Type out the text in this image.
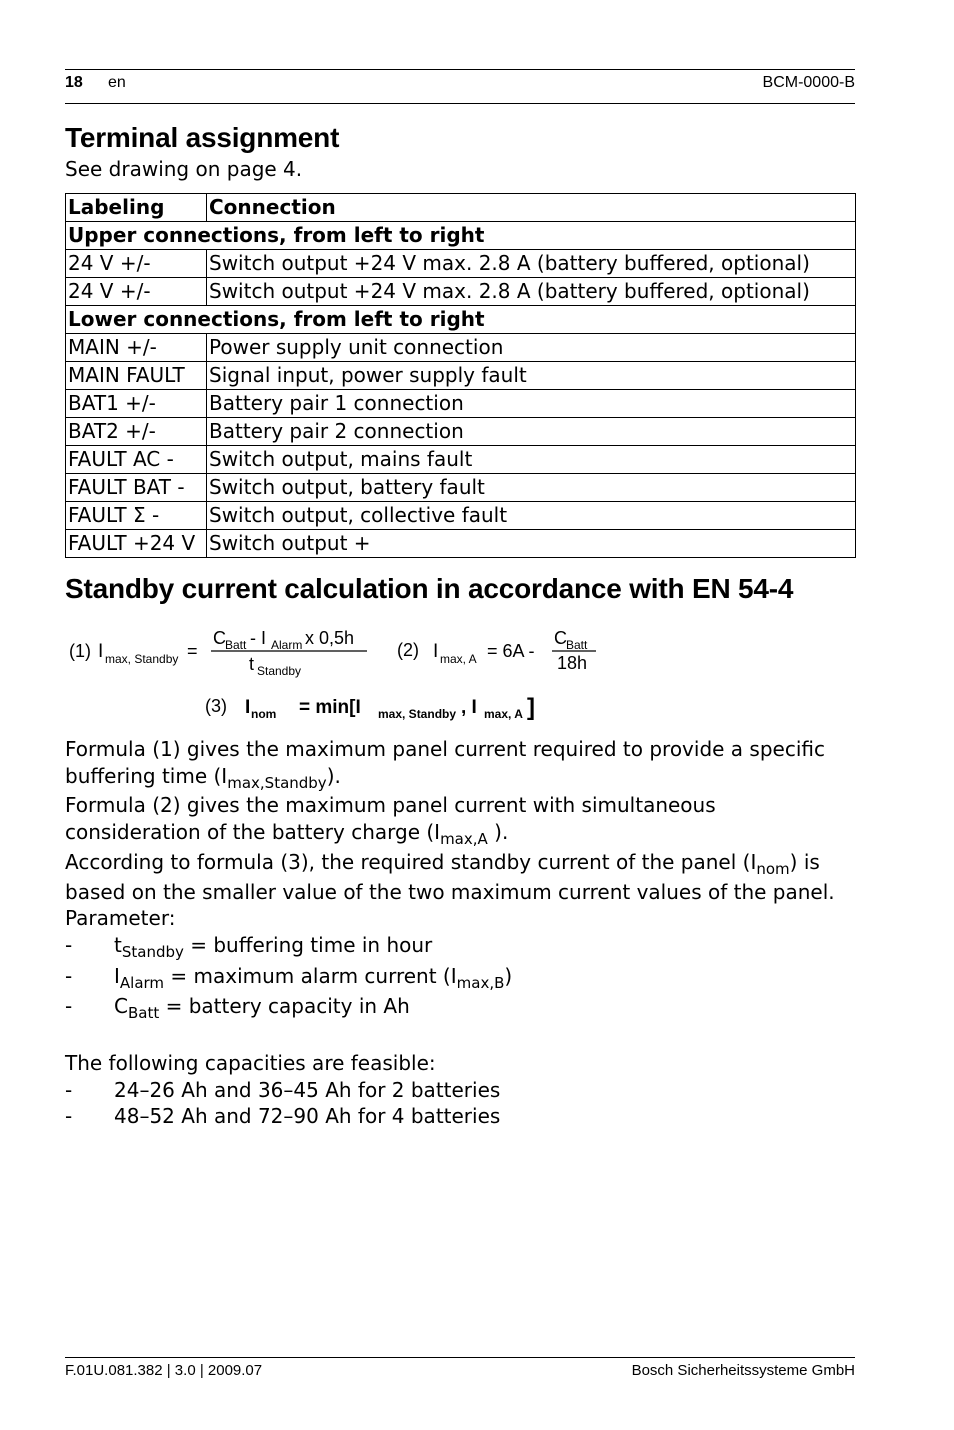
18 en	BCM-0000-B
Terminal assignment
See drawing on page 4.
Labeling	Connection
Upper connections, from left to right	
24 V +/-	Switch output +24 V max. 2.8 A (battery buffered, optional)
24 V +/-	Switch output +24 V max. 2.8 A (battery buffered, optional)
Lower connections, from left to right	
MAIN +/-	Power supply unit connection
MAIN FAULT	Signal input, power supply fault
BAT1 +/-	Battery pair 1 connection
BAT2 +/-	Battery pair 2 connection
FAULT AC -	Switch output, mains fault
FAULT BAT -	Switch output, battery fault
FAULT Σ -	Switch output, collective fault
FAULT +24 V	Switch output +
Standby current calculation in accordance with EN 54-4
(1) I max, Standby =
C Batt - I Alarm x 0,5h
t Standby
(2) I max, A = 6A -
C Batt
18h
(3) I nom = min[I max, Standby , I max, A ]
Formula (1) gives the maximum panel current required to provide a specific
buffering time $(I_{max,Standby})$.
Formula (2) gives the maximum panel current with simultaneous
consideration of the battery charge ($I_{max,A}$ ).
According to formula (3), the required standby current of the panel $(I_{nom})$ is
based on the smaller value of the two maximum current values of the panel.
Parameter:
- $t_{Standby}$ = buffering time in hour
- $I_{Alarm}$ = maximum alarm current $(I_{max,B})$
- $C_{Batt}$ = battery capacity in Ah
The following capacities are feasible:
- 24–26 Ah and 36–45 Ah for 2 batteries
- 48–52 Ah and 72–90 Ah for 4 batteries
F.01U.081.382 | 3.0 | 2009.07	Bosch Sicherheitssysteme GmbH
